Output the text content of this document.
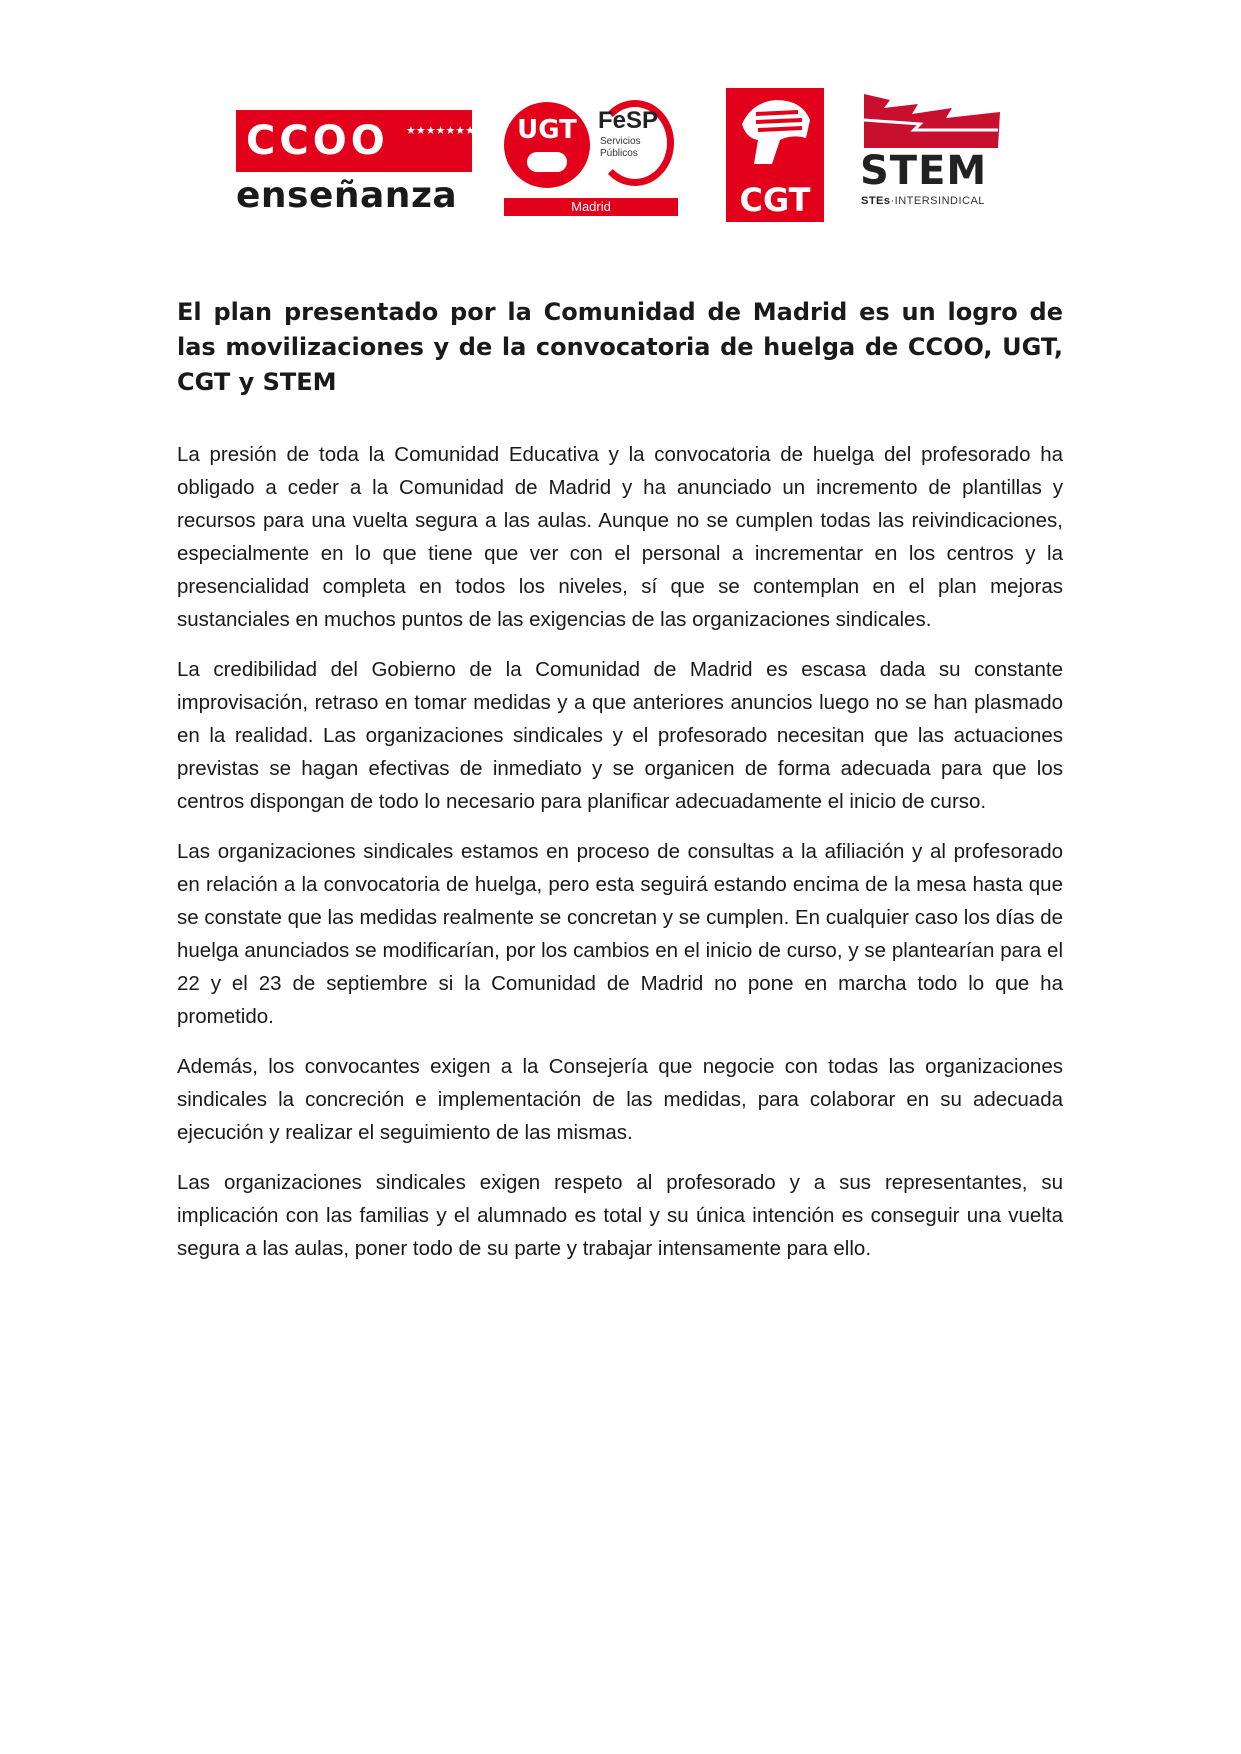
CCOO ★★★★★★★
enseñanza
UGT FeSP
Servicios Públicos
Madrid	CGT
STEM
STEs·INTERSINDICAL
El plan presentado por la Comunidad de Madrid es un logro de las movilizaciones y de la convocatoria de huelga de CCOO, UGT, CGT y STEM

La presión de toda la Comunidad Educativa y la convocatoria de huelga del profesorado ha obligado a ceder a la Comunidad de Madrid y ha anunciado un incremento de plantillas y recursos para una vuelta segura a las aulas. Aunque no se cumplen todas las reivindicaciones, especialmente en lo que tiene que ver con el personal a incrementar en los centros y la presencialidad completa en todos los niveles, sí que se contemplan en el plan mejoras sustanciales en muchos puntos de las exigencias de las organizaciones sindicales.

La credibilidad del Gobierno de la Comunidad de Madrid es escasa dada su constante improvisación, retraso en tomar medidas y a que anteriores anuncios luego no se han plasmado en la realidad. Las organizaciones sindicales y el profesorado necesitan que las actuaciones previstas se hagan efectivas de inmediato y se organicen de forma adecuada para que los centros dispongan de todo lo necesario para planificar adecuadamente el inicio de curso.

Las organizaciones sindicales estamos en proceso de consultas a la afiliación y al profesorado en relación a la convocatoria de huelga, pero esta seguirá estando encima de la mesa hasta que se constate que las medidas realmente se concretan y se cumplen. En cualquier caso los días de huelga anunciados se modificarían, por los cambios en el inicio de curso, y se plantearían para el 22 y el 23 de septiembre si la Comunidad de Madrid no pone en marcha todo lo que ha prometido.

Además, los convocantes exigen a la Consejería que negocie con todas las organizaciones sindicales la concreción e implementación de las medidas, para colaborar en su adecuada ejecución y realizar el seguimiento de las mismas.

Las organizaciones sindicales exigen respeto al profesorado y a sus representantes, su implicación con las familias y el alumnado es total y su única intención es conseguir una vuelta segura a las aulas, poner todo de su parte y trabajar intensamente para ello.
